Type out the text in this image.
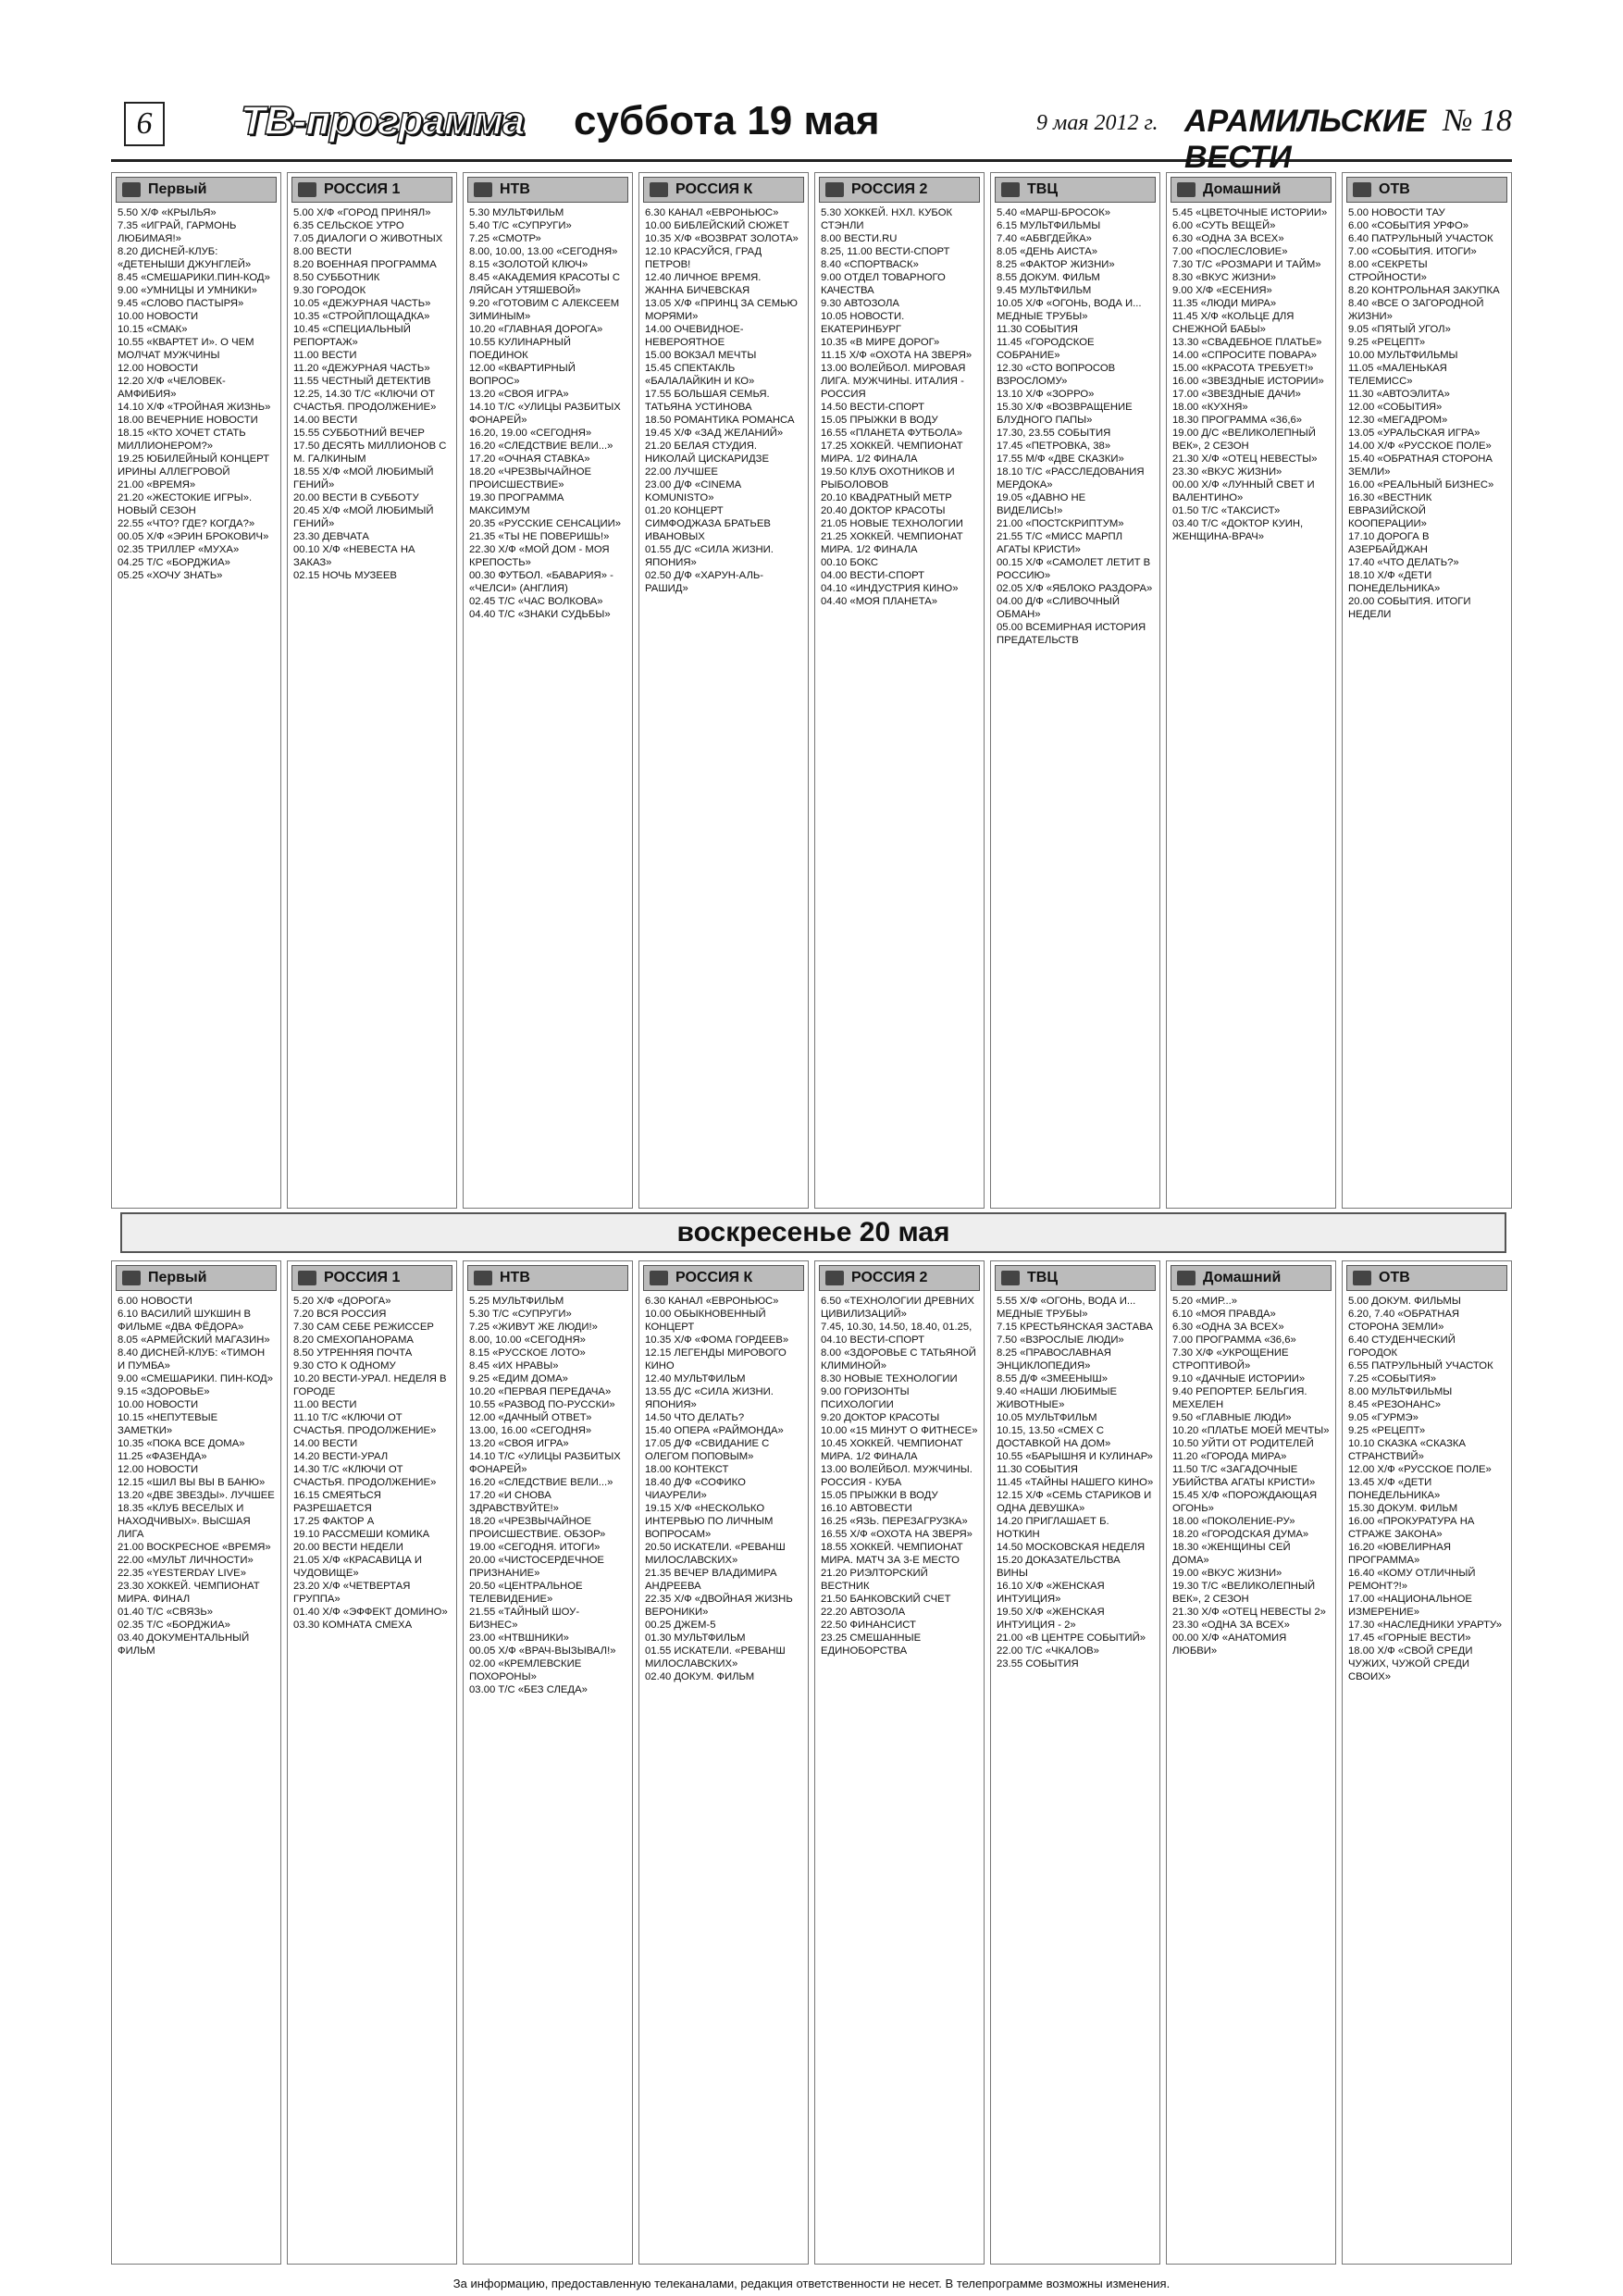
6	ТВ-программа суббота 19 мая	9 мая 2012 г. АРАМИЛЬСКИЕ ВЕСТИ
№ 18
Первый
5.50 Х/Ф «КРЫЛЬЯ»
7.35 «ИГРАЙ, ГАРМОНЬ ЛЮБИМАЯ!»
8.20 ДИСНЕЙ-КЛУБ: «ДЕТЕНЫШИ ДЖУНГЛЕЙ»
8.45 «СМЕШАРИКИ.ПИН-КОД»
9.00 «УМНИЦЫ И УМНИКИ»
9.45 «СЛОВО ПАСТЫРЯ»
10.00 НОВОСТИ
10.15 «СМАК»
10.55 «КВАРТЕТ И». О ЧЕМ МОЛЧАТ МУЖЧИНЫ
12.00 НОВОСТИ
12.20 Х/Ф «ЧЕЛОВЕК-АМФИБИЯ»
14.10 Х/Ф «ТРОЙНАЯ ЖИЗНЬ»
18.00 ВЕЧЕРНИЕ НОВОСТИ
18.15 «КТО ХОЧЕТ СТАТЬ МИЛЛИОНЕРОМ?»
19.25 ЮБИЛЕЙНЫЙ КОНЦЕРТ ИРИНЫ АЛЛЕГРОВОЙ
21.00 «ВРЕМЯ»
21.20 «ЖЕСТОКИЕ ИГРЫ». НОВЫЙ СЕЗОН
22.55 «ЧТО? ГДЕ? КОГДА?»
00.05 Х/Ф «ЭРИН БРОКОВИЧ»
02.35 ТРИЛЛЕР «МУХА»
04.25 Т/С «БОРДЖИА»
05.25 «ХОЧУ ЗНАТЬ»
РОССИЯ 1
5.00 Х/Ф «ГОРОД ПРИНЯЛ»
6.35 СЕЛЬСКОЕ УТРО
7.05 ДИАЛОГИ О ЖИВОТНЫХ
8.00 ВЕСТИ
8.20 ВОЕННАЯ ПРОГРАММА
8.50 СУББОТНИК
9.30 ГОРОДОК
10.05 «ДЕЖУРНАЯ ЧАСТЬ»
10.35 «СТРОЙПЛОЩАДКА»
10.45 «СПЕЦИАЛЬНЫЙ РЕПОРТАЖ»
11.00 ВЕСТИ
11.20 «ДЕЖУРНАЯ ЧАСТЬ»
11.55 ЧЕСТНЫЙ ДЕТЕКТИВ
12.25, 14.30 Т/С «КЛЮЧИ ОТ СЧАСТЬЯ. ПРОДОЛЖЕНИЕ»
14.00 ВЕСТИ
15.55 СУББОТНИЙ ВЕЧЕР
17.50 ДЕСЯТЬ МИЛЛИОНОВ С М. ГАЛКИНЫМ
18.55 Х/Ф «МОЙ ЛЮБИМЫЙ ГЕНИЙ»
20.00 ВЕСТИ В СУББОТУ
20.45 Х/Ф «МОЙ ЛЮБИМЫЙ ГЕНИЙ»
23.30 ДЕВЧАТА
00.10 Х/Ф «НЕВЕСТА НА ЗАКАЗ»
02.15 НОЧЬ МУЗЕЕВ
НТВ
5.30 МУЛЬТФИЛЬМ
5.40 Т/С «СУПРУГИ»
7.25 «СМОТР»
8.00, 10.00, 13.00 «СЕГОДНЯ»
8.15 «ЗОЛОТОЙ КЛЮЧ»
8.45 «АКАДЕМИЯ КРАСОТЫ С ЛЯЙСАН УТЯШЕВОЙ»
9.20 «ГОТОВИМ С АЛЕКСЕЕМ ЗИМИНЫМ»
10.20 «ГЛАВНАЯ ДОРОГА»
10.55 КУЛИНАРНЫЙ ПОЕДИНОК
12.00 «КВАРТИРНЫЙ ВОПРОС»
13.20 «СВОЯ ИГРА»
14.10 Т/С «УЛИЦЫ РАЗБИТЫХ ФОНАРЕЙ»
16.20, 19.00 «СЕГОДНЯ»
16.20 «СЛЕДСТВИЕ ВЕЛИ...»
17.20 «ОЧНАЯ СТАВКА»
18.20 «ЧРЕЗВЫЧАЙНОЕ ПРОИСШЕСТВИЕ»
19.30 ПРОГРАММА МАКСИМУМ
20.35 «РУССКИЕ СЕНСАЦИИ»
21.35 «ТЫ НЕ ПОВЕРИШЬ!»
22.30 Х/Ф «МОЙ ДОМ - МОЯ КРЕПОСТЬ»
00.30 ФУТБОЛ. «БАВАРИЯ» - «ЧЕЛСИ» (АНГЛИЯ)
02.45 Т/С «ЧАС ВОЛКОВА»
04.40 Т/С «ЗНАКИ СУДЬБЫ»
РОССИЯ К
6.30 КАНАЛ «ЕВРОНЬЮС»
10.00 БИБЛЕЙСКИЙ СЮЖЕТ
10.35 Х/Ф «ВОЗВРАТ ЗОЛОТА»
12.10 КРАСУЙСЯ, ГРАД ПЕТРОВ!
12.40 ЛИЧНОЕ ВРЕМЯ. ЖАННА БИЧЕВСКАЯ
13.05 Х/Ф «ПРИНЦ ЗА СЕМЬЮ МОРЯМИ»
14.00 ОЧЕВИДНОЕ-НЕВЕРОЯТНОЕ
15.00 ВОКЗАЛ МЕЧТЫ
15.45 СПЕКТАКЛЬ «БАЛАЛАЙКИН И КО»
17.55 БОЛЬШАЯ СЕМЬЯ. ТАТЬЯНА УСТИНОВА
18.50 РОМАНТИКА РОМАНСА
19.45 Х/Ф «ЗАД ЖЕЛАНИЙ»
21.20 БЕЛАЯ СТУДИЯ. НИКОЛАЙ ЦИСКАРИДЗЕ
22.00 ЛУЧШЕЕ
23.00 Д/Ф «CINEMA KOMUNISTO»
01.20 КОНЦЕРТ СИМФОДЖАЗА БРАТЬЕВ ИВАНОВЫХ
01.55 Д/С «СИЛА ЖИЗНИ. ЯПОНИЯ»
02.50 Д/Ф «ХАРУН-АЛЬ-РАШИД»
РОССИЯ 2
5.30 ХОККЕЙ. НХЛ. КУБОК СТЭНЛИ
8.00 ВЕСТИ.RU
8.25, 11.00 ВЕСТИ-СПОРТ
8.40 «СПОРТВАСК»
9.00 ОТДЕЛ ТОВАРНОГО КАЧЕСТВА
9.30 АВТОЗОЛА
10.05 НОВОСТИ. ЕКАТЕРИНБУРГ
10.35 «В МИРЕ ДОРОГ»
11.15 Х/Ф «ОХОТА НА ЗВЕРЯ»
13.00 ВОЛЕЙБОЛ. МИРОВАЯ ЛИГА. МУЖЧИНЫ. ИТАЛИЯ - РОССИЯ
14.50 ВЕСТИ-СПОРТ
15.05 ПРЫЖКИ В ВОДУ
16.55 «ПЛАНЕТА ФУТБОЛА»
17.25 ХОККЕЙ. ЧЕМПИОНАТ МИРА. 1/2 ФИНАЛА
19.50 КЛУБ ОХОТНИКОВ И РЫБОЛОВОВ
20.10 КВАДРАТНЫЙ МЕТР
20.40 ДОКТОР КРАСОТЫ
21.05 НОВЫЕ ТЕХНОЛОГИИ
21.25 ХОККЕЙ. ЧЕМПИОНАТ МИРА. 1/2 ФИНАЛА
00.10 БОКС
04.00 ВЕСТИ-СПОРТ
04.10 «ИНДУСТРИЯ КИНО»
04.40 «МОЯ ПЛАНЕТА»
ТВЦ
5.40 «МАРШ-БРОСОК»
6.15 МУЛЬТФИЛЬМЫ
7.40 «АБВГДЕЙКА»
8.05 «ДЕНЬ АИСТА»
8.25 «ФАКТОР ЖИЗНИ»
8.55 ДОКУМ. ФИЛЬМ
9.45 МУЛЬТФИЛЬМ
10.05 Х/Ф «ОГОНЬ, ВОДА И... МЕДНЫЕ ТРУБЫ»
11.30 СОБЫТИЯ
11.45 «ГОРОДСКОЕ СОБРАНИЕ»
12.30 «СТО ВОПРОСОВ ВЗРОСЛОМУ»
13.10 Х/Ф «ЗОРРО»
15.30 Х/Ф «ВОЗВРАЩЕНИЕ БЛУДНОГО ПАПЫ»
17.30, 23.55 СОБЫТИЯ
17.45 «ПЕТРОВКА, 38»
17.55 М/Ф «ДВЕ СКАЗКИ»
18.10 Т/С «РАССЛЕДОВАНИЯ МЕРДОКА»
19.05 «ДАВНО НЕ ВИДЕЛИСЬ!»
21.00 «ПОСТСКРИПТУМ»
21.55 Т/С «МИСС МАРПЛ АГАТЫ КРИСТИ»
00.15 Х/Ф «САМОЛЕТ ЛЕТИТ В РОССИЮ»
02.05 Х/Ф «ЯБЛОКО РАЗДОРА»
04.00 Д/Ф «СЛИВОЧНЫЙ ОБМАН»
05.00 ВСЕМИРНАЯ ИСТОРИЯ ПРЕДАТЕЛЬСТВ
Домашний
5.45 «ЦВЕТОЧНЫЕ ИСТОРИИ»
6.00 «СУТЬ ВЕЩЕЙ»
6.30 «ОДНА ЗА ВСЕХ»
7.00 «ПОСЛЕСЛОВИЕ»
7.30 Т/С «РОЗМАРИ И ТАЙМ»
8.30 «ВКУС ЖИЗНИ»
9.00 Х/Ф «ЕСЕНИЯ»
11.35 «ЛЮДИ МИРА»
11.45 Х/Ф «КОЛЬЦЕ ДЛЯ СНЕЖНОЙ БАБЫ»
13.30 «СВАДЕБНОЕ ПЛАТЬЕ»
14.00 «СПРОСИТЕ ПОВАРА»
15.00 «КРАСОТА ТРЕБУЕТ!»
16.00 «ЗВЕЗДНЫЕ ИСТОРИИ»
17.00 «ЗВЕЗДНЫЕ ДАЧИ»
18.00 «КУХНЯ»
18.30 ПРОГРАММА «36,6»
19.00 Д/С «ВЕЛИКОЛЕПНЫЙ ВЕК», 2 СЕЗОН
21.30 Х/Ф «ОТЕЦ НЕВЕСТЫ»
23.30 «ВКУС ЖИЗНИ»
00.00 Х/Ф «ЛУННЫЙ СВЕТ И ВАЛЕНТИНО»
01.50 Т/С «ТАКСИСТ»
03.40 Т/С «ДОКТОР КУИН, ЖЕНЩИНА-ВРАЧ»
ОТВ
5.00 НОВОСТИ ТАУ
6.00 «СОБЫТИЯ УРФО»
6.40 ПАТРУЛЬНЫЙ УЧАСТОК
7.00 «СОБЫТИЯ. ИТОГИ»
8.00 «СЕКРЕТЫ СТРОЙНОСТИ»
8.20 КОНТРОЛЬНАЯ ЗАКУПКА
8.40 «ВСЕ О ЗАГОРОДНОЙ ЖИЗНИ»
9.05 «ПЯТЫЙ УГОЛ»
9.25 «РЕЦЕПТ»
10.00 МУЛЬТФИЛЬМЫ
11.05 «МАЛЕНЬКАЯ ТЕЛЕМИСС»
11.30 «АВТОЭЛИТА»
12.00 «СОБЫТИЯ»
12.30 «МЕГАДРОМ»
13.05 «УРАЛЬСКАЯ ИГРА»
14.00 Х/Ф «РУССКОЕ ПОЛЕ»
15.40 «ОБРАТНАЯ СТОРОНА ЗЕМЛИ»
16.00 «РЕАЛЬНЫЙ БИЗНЕС»
16.30 «ВЕСТНИК ЕВРАЗИЙСКОЙ КООПЕРАЦИИ»
17.10 ДОРОГА В АЗЕРБАЙДЖАН
17.40 «ЧТО ДЕЛАТЬ?»
18.10 Х/Ф «ДЕТИ ПОНЕДЕЛЬНИКА»
20.00 СОБЫТИЯ. ИТОГИ НЕДЕЛИ
воскресенье 20 мая
Первый
6.00 НОВОСТИ
6.10 ВАСИЛИЙ ШУКШИН В ФИЛЬМЕ «ДВА ФЁДОРА»
8.05 «АРМЕЙСКИЙ МАГАЗИН»
8.40 ДИСНЕЙ-КЛУБ: «ТИМОН И ПУМБА»
9.00 «СМЕШАРИКИ. ПИН-КОД»
9.15 «ЗДОРОВЬЕ»
10.00 НОВОСТИ
10.15 «НЕПУТЕВЫЕ ЗАМЕТКИ»
10.35 «ПОКА ВСЕ ДОМА»
11.25 «ФАЗЕНДА»
12.00 НОВОСТИ
12.15 «ШИЛ ВЫ ВЫ В БАНЮ»
13.20 «ДВЕ ЗВЕЗДЫ». ЛУЧШЕЕ
18.35 «КЛУБ ВЕСЕЛЫХ И НАХОДЧИВЫХ». ВЫСШАЯ ЛИГА
21.00 ВОСКРЕСНОЕ «ВРЕМЯ»
22.00 «МУЛЬТ ЛИЧНОСТИ»
22.35 «YESTERDAY LIVE»
23.30 ХОККЕЙ. ЧЕМПИОНАТ МИРА. ФИНАЛ
01.40 Т/С «СВЯЗЬ»
02.35 Т/С «БОРДЖИА»
03.40 ДОКУМЕНТАЛЬНЫЙ ФИЛЬМ
РОССИЯ 1
5.20 Х/Ф «ДОРОГА»
7.20 ВСЯ РОССИЯ
7.30 САМ СЕБЕ РЕЖИССЕР
8.20 СМЕХОПАНОРАМА
8.50 УТРЕННЯЯ ПОЧТА
9.30 СТО К ОДНОМУ
10.20 ВЕСТИ-УРАЛ. НЕДЕЛЯ В ГОРОДЕ
11.00 ВЕСТИ
11.10 Т/С «КЛЮЧИ ОТ СЧАСТЬЯ. ПРОДОЛЖЕНИЕ»
14.00 ВЕСТИ
14.20 ВЕСТИ-УРАЛ
14.30 Т/С «КЛЮЧИ ОТ СЧАСТЬЯ. ПРОДОЛЖЕНИЕ»
16.15 СМЕЯТЬСЯ РАЗРЕШАЕТСЯ
17.25 ФАКТОР А
19.10 РАССМЕШИ КОМИКА
20.00 ВЕСТИ НЕДЕЛИ
21.05 Х/Ф «КРАСАВИЦА И ЧУДОВИЩЕ»
23.20 Х/Ф «ЧЕТВЕРТАЯ ГРУППА»
01.40 Х/Ф «ЭФФЕКТ ДОМИНО»
03.30 КОМНАТА СМЕХА
НТВ
5.25 МУЛЬТФИЛЬМ
5.30 Т/С «СУПРУГИ»
7.25 «ЖИВУТ ЖЕ ЛЮДИ!»
8.00, 10.00 «СЕГОДНЯ»
8.15 «РУССКОЕ ЛОТО»
8.45 «ИХ НРАВЫ»
9.25 «ЕДИМ ДОМА»
10.20 «ПЕРВАЯ ПЕРЕДАЧА»
10.55 «РАЗВОД ПО-РУССКИ»
12.00 «ДАЧНЫЙ ОТВЕТ»
13.00, 16.00 «СЕГОДНЯ»
13.20 «СВОЯ ИГРА»
14.10 Т/С «УЛИЦЫ РАЗБИТЫХ ФОНАРЕЙ»
16.20 «СЛЕДСТВИЕ ВЕЛИ...»
17.20 «И СНОВА ЗДРАВСТВУЙТЕ!»
18.20 «ЧРЕЗВЫЧАЙНОЕ ПРОИСШЕСТВИЕ. ОБЗОР»
19.00 «СЕГОДНЯ. ИТОГИ»
20.00 «ЧИСТОСЕРДЕЧНОЕ ПРИЗНАНИЕ»
20.50 «ЦЕНТРАЛЬНОЕ ТЕЛЕВИДЕНИЕ»
21.55 «ТАЙНЫЙ ШОУ-БИЗНЕС»
23.00 «НТВШНИКИ»
00.05 Х/Ф «ВРАЧ-ВЫЗЫВАЛ!»
02.00 «КРЕМЛЕВСКИЕ ПОХОРОНЫ»
03.00 Т/С «БЕЗ СЛЕДА»
РОССИЯ К
6.30 КАНАЛ «ЕВРОНЬЮС»
10.00 ОБЫКНОВЕННЫЙ КОНЦЕРТ
10.35 Х/Ф «ФОМА ГОРДЕЕВ»
12.15 ЛЕГЕНДЫ МИРОВОГО КИНО
12.40 МУЛЬТФИЛЬМ
13.55 Д/С «СИЛА ЖИЗНИ. ЯПОНИЯ»
14.50 ЧТО ДЕЛАТЬ?
15.40 ОПЕРА «РАЙМОНДА»
17.05 Д/Ф «СВИДАНИЕ С ОЛЕГОМ ПОПОВЫМ»
18.00 КОНТЕКСТ
18.40 Д/Ф «СОФИКО ЧИАУРЕЛИ»
19.15 Х/Ф «НЕСКОЛЬКО ИНТЕРВЬЮ ПО ЛИЧНЫМ ВОПРОСАМ»
20.50 ИСКАТЕЛИ. «РЕВАНШ МИЛОСЛАВСКИХ»
21.35 ВЕЧЕР ВЛАДИМИРА АНДРЕЕВА
22.35 Х/Ф «ДВОЙНАЯ ЖИЗНЬ ВЕРОНИКИ»
00.25 ДЖЕМ-5
01.30 МУЛЬТФИЛЬМ
01.55 ИСКАТЕЛИ. «РЕВАНШ МИЛОСЛАВСКИХ»
02.40 ДОКУМ. ФИЛЬМ
РОССИЯ 2
6.50 «ТЕХНОЛОГИИ ДРЕВНИХ ЦИВИЛИЗАЦИЙ»
7.45, 10.30, 14.50, 18.40, 01.25, 04.10 ВЕСТИ-СПОРТ
8.00 «ЗДОРОВЬЕ С ТАТЬЯНОЙ КЛИМИНОЙ»
8.30 НОВЫЕ ТЕХНОЛОГИИ
9.00 ГОРИЗОНТЫ ПСИХОЛОГИИ
9.20 ДОКТОР КРАСОТЫ
10.00 «15 МИНУТ О ФИТНЕСЕ»
10.45 ХОККЕЙ. ЧЕМПИОНАТ МИРА. 1/2 ФИНАЛА
13.00 ВОЛЕЙБОЛ. МУЖЧИНЫ. РОССИЯ - КУБА
15.05 ПРЫЖКИ В ВОДУ
16.10 АВТОВЕСТИ
16.25 «ЯЗЬ. ПЕРЕЗАГРУЗКА»
16.55 Х/Ф «ОХОТА НА ЗВЕРЯ»
18.55 ХОККЕЙ. ЧЕМПИОНАТ МИРА. МАТЧ ЗА 3-Е МЕСТО
21.20 РИЭЛТОРСКИЙ ВЕСТНИК
21.50 БАНКОВСКИЙ СЧЕТ
22.20 АВТОЗОЛА
22.50 ФИНАНСИСТ
23.25 СМЕШАННЫЕ ЕДИНОБОРСТВА
ТВЦ
5.55 Х/Ф «ОГОНЬ, ВОДА И... МЕДНЫЕ ТРУБЫ»
7.15 КРЕСТЬЯНСКАЯ ЗАСТАВА
7.50 «ВЗРОСЛЫЕ ЛЮДИ»
8.25 «ПРАВОСЛАВНАЯ ЭНЦИКЛОПЕДИЯ»
8.55 Д/Ф «ЗМЕЕНЫШ»
9.40 «НАШИ ЛЮБИМЫЕ ЖИВОТНЫЕ»
10.05 МУЛЬТФИЛЬМ
10.15, 13.50 «СМЕХ С ДОСТАВКОЙ НА ДОМ»
10.55 «БАРЫШНЯ И КУЛИНАР»
11.30 СОБЫТИЯ
11.45 «ТАЙНЫ НАШЕГО КИНО»
12.15 Х/Ф «СЕМЬ СТАРИКОВ И ОДНА ДЕВУШКА»
14.20 ПРИГЛАШАЕТ Б. НОТКИН
14.50 МОСКОВСКАЯ НЕДЕЛЯ
15.20 ДОКАЗАТЕЛЬСТВА ВИНЫ
16.10 Х/Ф «ЖЕНСКАЯ ИНТУИЦИЯ»
19.50 Х/Ф «ЖЕНСКАЯ ИНТУИЦИЯ - 2»
21.00 «В ЦЕНТРЕ СОБЫТИЙ»
22.00 Т/С «ЧКАЛОВ»
23.55 СОБЫТИЯ
Домашний
5.20 «МИР...»
6.10 «МОЯ ПРАВДА»
6.30 «ОДНА ЗА ВСЕХ»
7.00 ПРОГРАММА «36,6»
7.30 Х/Ф «УКРОЩЕНИЕ СТРОПТИВОЙ»
9.10 «ДАЧНЫЕ ИСТОРИИ»
9.40 РЕПОРТЕР. БЕЛЬГИЯ. МЕХЕЛЕН
9.50 «ГЛАВНЫЕ ЛЮДИ»
10.20 «ПЛАТЬЕ МОЕЙ МЕЧТЫ»
10.50 УЙТИ ОТ РОДИТЕЛЕЙ
11.20 «ГОРОДА МИРА»
11.50 Т/С «ЗАГАДОЧНЫЕ УБИЙСТВА АГАТЫ КРИСТИ»
15.45 Х/Ф «ПОРОЖДАЮЩАЯ ОГОНЬ»
18.00 «ПОКОЛЕНИЕ-РУ»
18.20 «ГОРОДСКАЯ ДУМА»
18.30 «ЖЕНЩИНЫ СЕЙ ДОМА»
19.00 «ВКУС ЖИЗНИ»
19.30 Т/С «ВЕЛИКОЛЕПНЫЙ ВЕК», 2 СЕЗОН
21.30 Х/Ф «ОТЕЦ НЕВЕСТЫ 2»
23.30 «ОДНА ЗА ВСЕХ»
00.00 Х/Ф «АНАТОМИЯ ЛЮБВИ»
ОТВ
5.00 ДОКУМ. ФИЛЬМЫ
6.20, 7.40 «ОБРАТНАЯ СТОРОНА ЗЕМЛИ»
6.40 СТУДЕНЧЕСКИЙ ГОРОДОК
6.55 ПАТРУЛЬНЫЙ УЧАСТОК
7.25 «СОБЫТИЯ»
8.00 МУЛЬТФИЛЬМЫ
8.45 «РЕЗОНАНС»
9.05 «ГУРМЭ»
9.25 «РЕЦЕПТ»
10.10 СКАЗКА «СКАЗКА СТРАНСТВИЙ»
12.00 Х/Ф «РУССКОЕ ПОЛЕ»
13.45 Х/Ф «ДЕТИ ПОНЕДЕЛЬНИКА»
15.30 ДОКУМ. ФИЛЬМ
16.00 «ПРОКУРАТУРА НА СТРАЖЕ ЗАКОНА»
16.20 «ЮВЕЛИРНАЯ ПРОГРАММА»
16.40 «КОМУ ОТЛИЧНЫЙ РЕМОНТ?!»
17.00 «НАЦИОНАЛЬНОЕ ИЗМЕРЕНИЕ»
17.30 «НАСЛЕДНИКИ УРАРТУ»
17.45 «ГОРНЫЕ ВЕСТИ»
18.00 Х/Ф «СВОЙ СРЕДИ ЧУЖИХ, ЧУЖОЙ СРЕДИ СВОИХ»
За информацию, предоставленную телеканалами, редакция ответственности не несет. В телепрограмме возможны изменения.
